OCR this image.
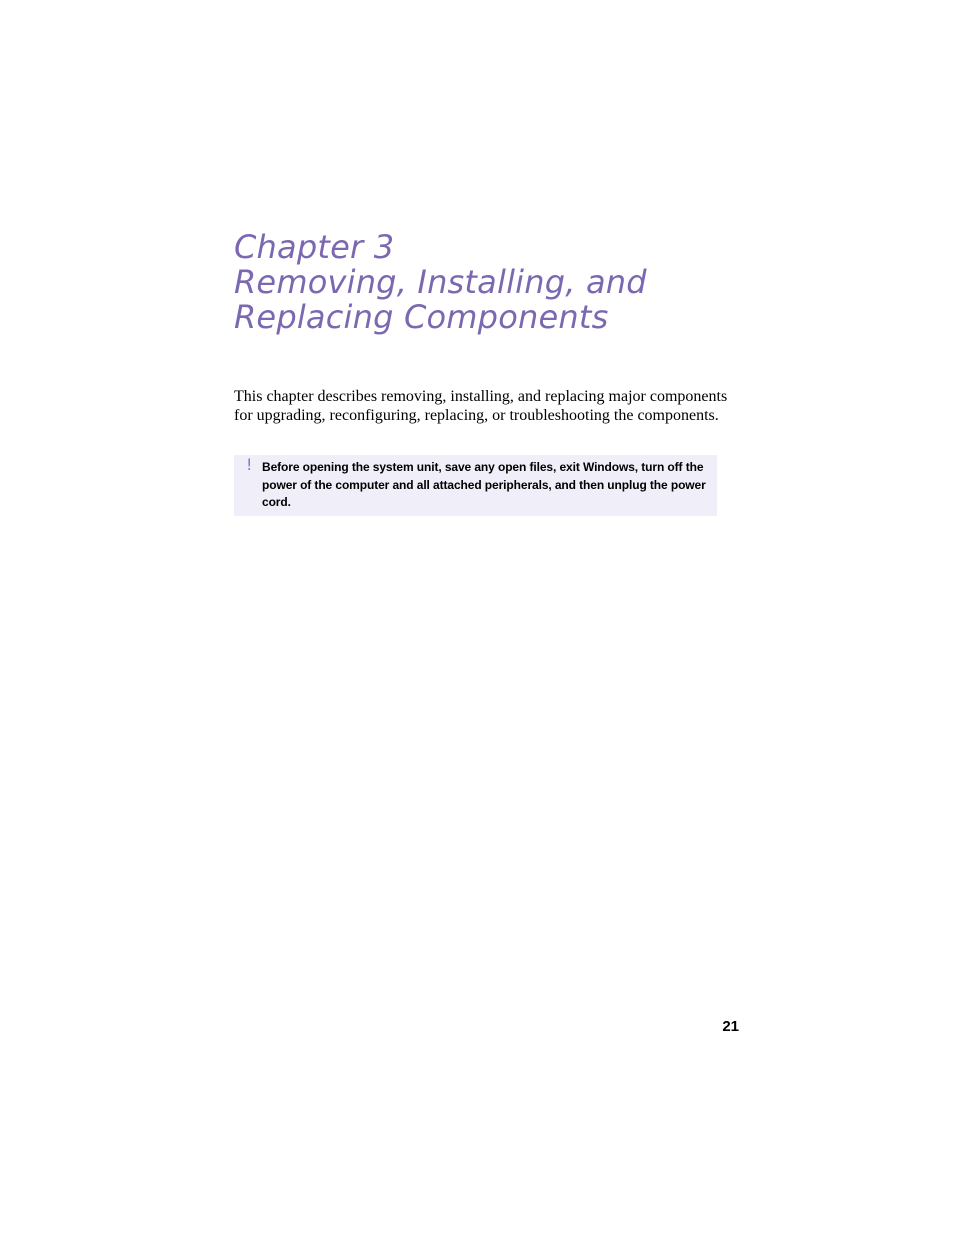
Chapter 3
Removing, Installing, and
Replacing Components

This chapter describes removing, installing, and replacing major components for upgrading, reconfiguring, replacing, or troubleshooting the components.

! Before opening the system unit, save any open files, exit Windows, turn off the power of the computer and all attached peripherals, and then unplug the power cord.

21
